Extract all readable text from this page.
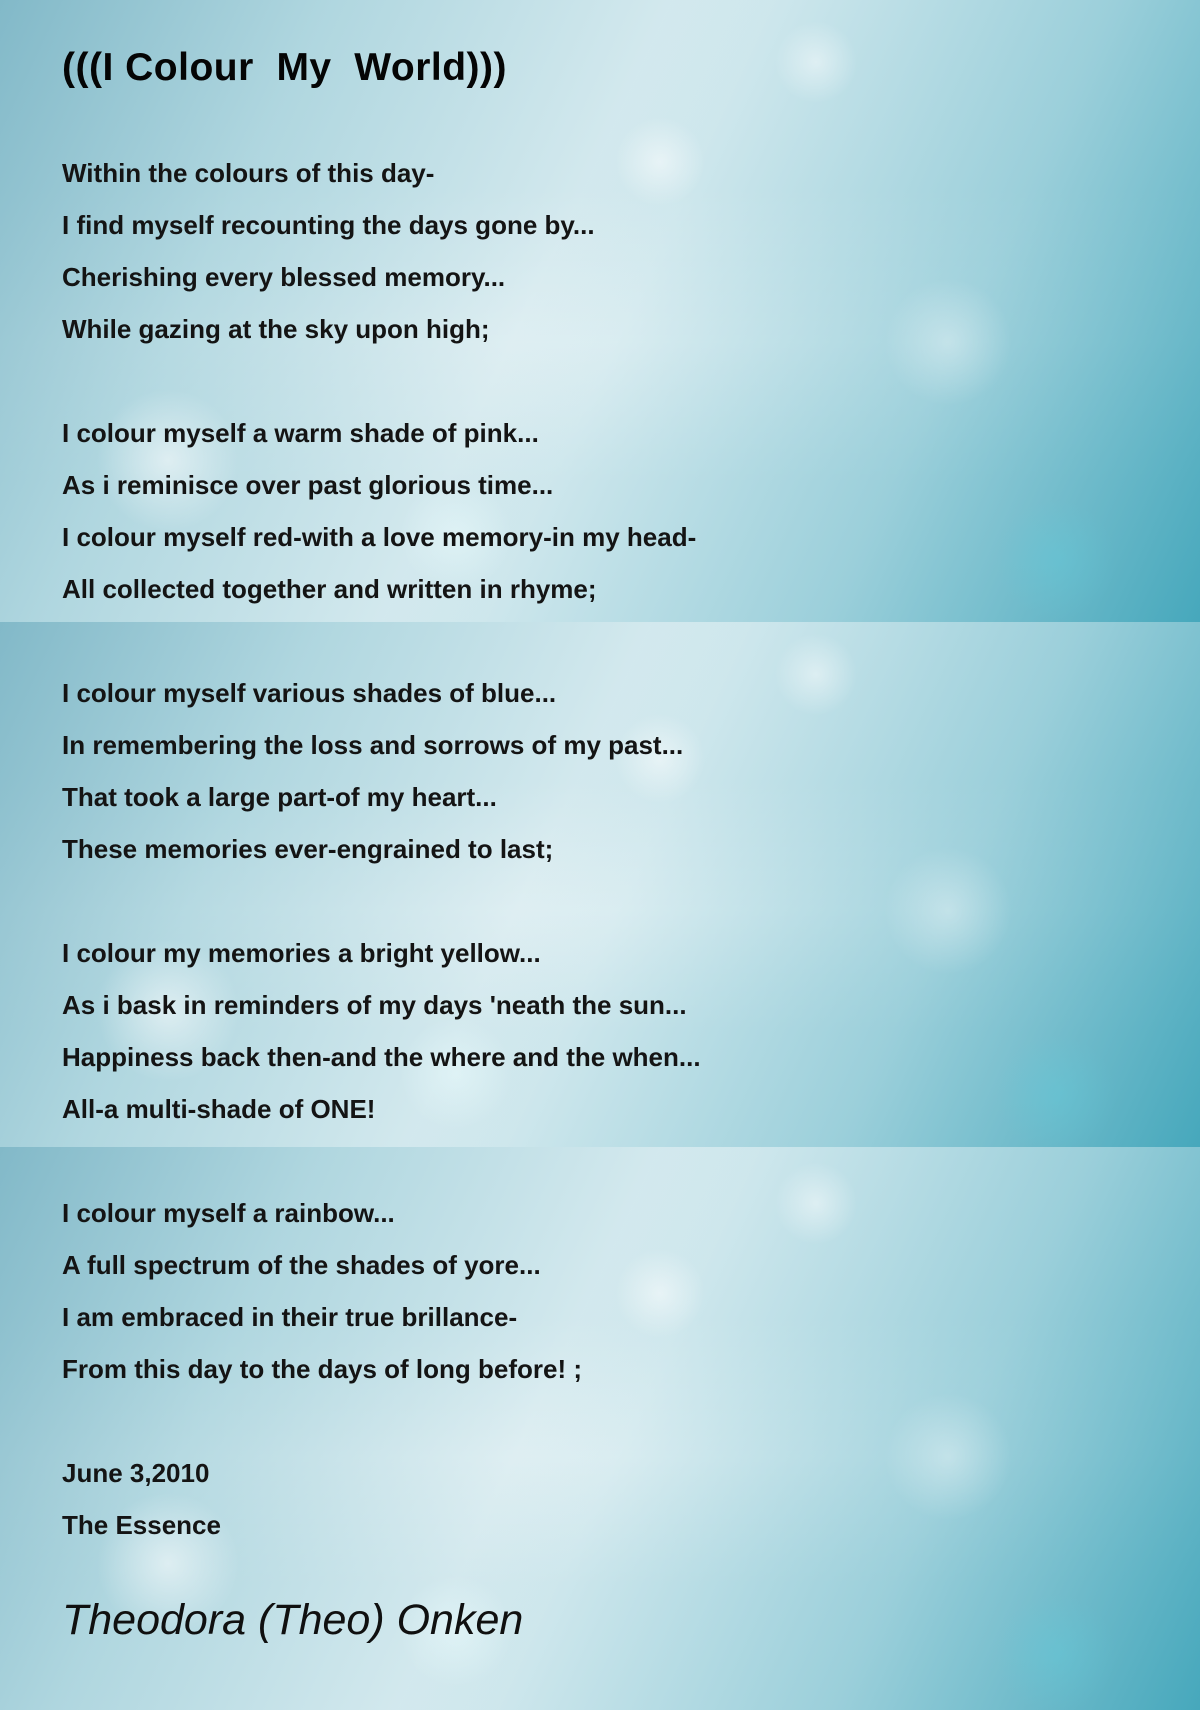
(((I Colour  My  World)))

Within the colours of this day-

I find myself recounting the days gone by...

Cherishing every blessed memory...

While gazing at the sky upon high;

I colour myself a warm shade of pink...

As i reminisce over past glorious time...

I colour myself red-with a love memory-in my head-

All collected together and written in rhyme;

I colour myself various shades of blue...

In remembering the loss and sorrows of my past...

That took a large part-of my heart...

These memories ever-engrained to last;

I colour my memories a bright yellow...

As i bask in reminders of my days 'neath the sun...

Happiness back then-and the where and the when...

All-a multi-shade of ONE!

I colour myself a rainbow...

A full spectrum of the shades of yore...

I am embraced in their true brillance-

From this day to the days of long before! ;

June 3,2010

The Essence

Theodora (Theo) Onken
